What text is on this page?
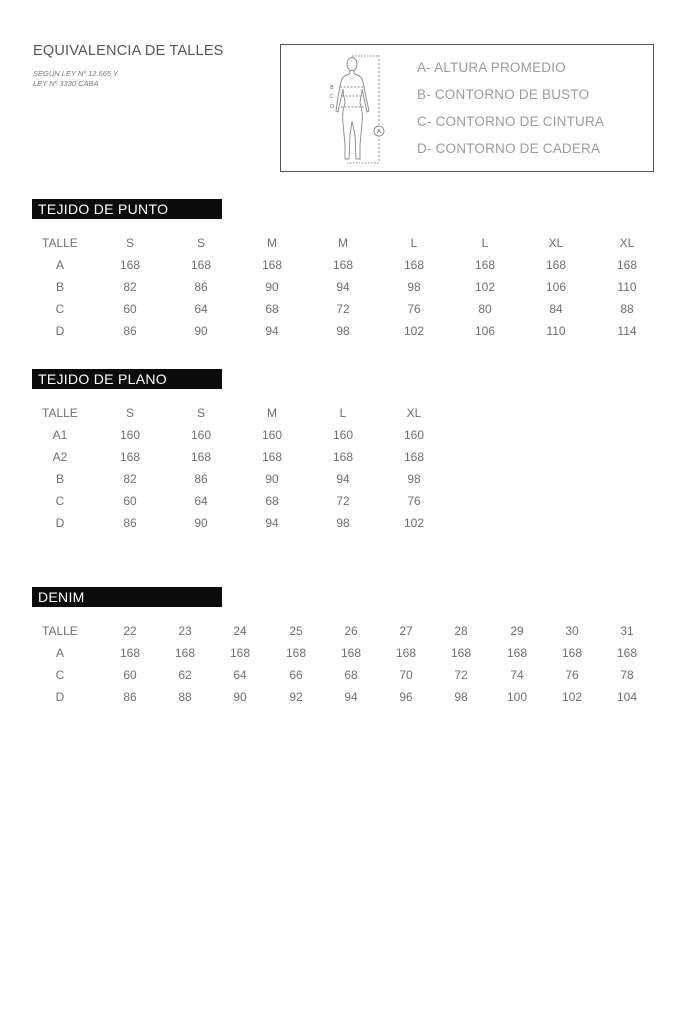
EQUIVALENCIA DE TALLES
SEGÚN LEY Nº 12.665 Y
LEY Nº 3330 CABA	B
C
D
A
A- ALTURA PROMEDIO
B- CONTORNO DE BUSTO
C- CONTORNO DE CINTURA
D- CONTORNO DE CADERA
TEJIDO DE PUNTO
TALLE	S	S	M	M	L	L	XL	XL
A	168	168	168	168	168	168	168	168
B	82	86	90	94	98	102	106	110
C	60	64	68	72	76	80	84	88
D	86	90	94	98	102	106	110	114
TEJIDO DE PLANO
TALLE	S	S	M	L	XL
A1	160	160	160	160	160
A2	168	168	168	168	168
B	82	86	90	94	98
C	60	64	68	72	76
D	86	90	94	98	102
DENIM
TALLE	22	23	24	25	26	27	28	29	30	31
A	168	168	168	168	168	168	168	168	168	168
C	60	62	64	66	68	70	72	74	76	78
D	86	88	90	92	94	96	98	100	102	104
